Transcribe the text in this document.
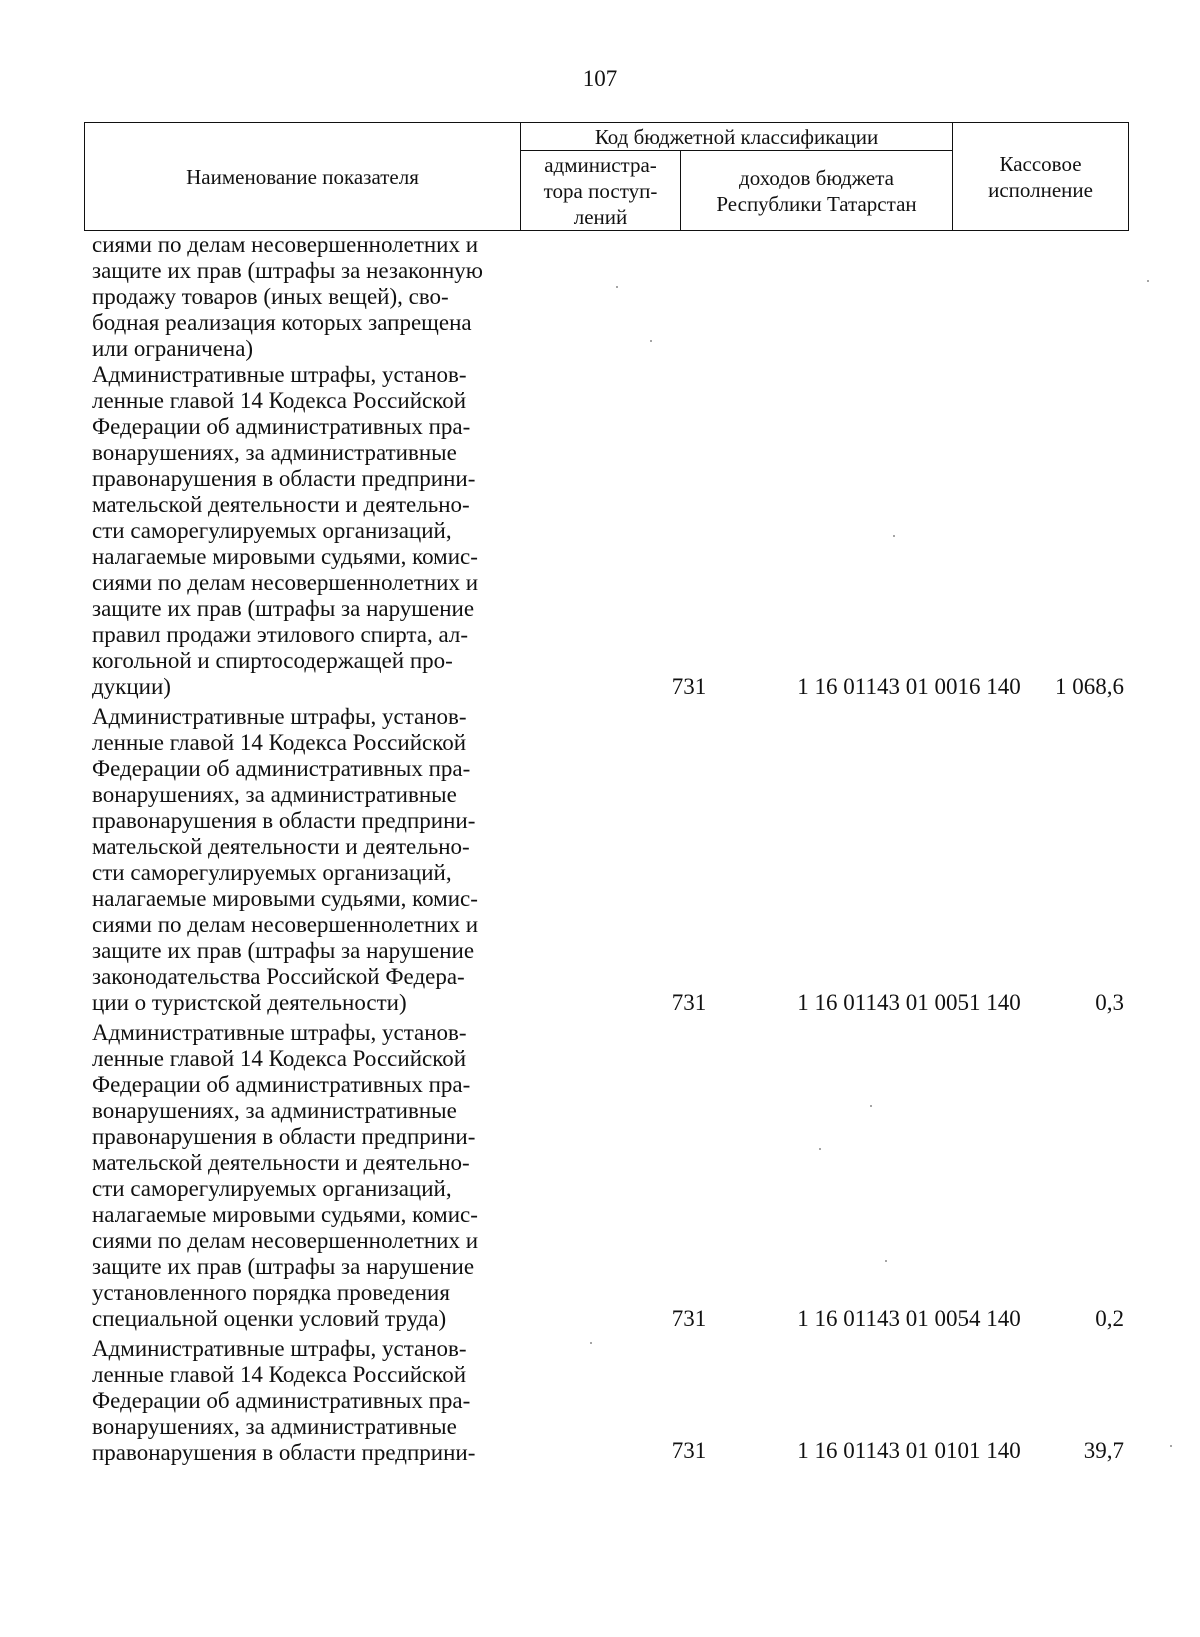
107
Наименование показателя	Код бюджетной классификации		Кассовое
исполнение
	администра-
тора поступ-
лений	доходов бюджета
Республики Татарстан	
сиями по делам несовершеннолетних и
защите их прав (штрафы за незаконную
продажу товаров (иных вещей), сво-
бодная реализация которых запрещена
или ограничена)
Административные штрафы, установ-
ленные главой 14 Кодекса Российской
Федерации об административных пра-
вонарушениях, за административные
правонарушения в области предприни-
мательской деятельности и деятельно-
сти саморегулируемых организаций,
налагаемые мировыми судьями, комис-
сиями по делам несовершеннолетних и
защите их прав (штрафы за нарушение
правил продажи этилового спирта, ал-
когольной и спиртосодержащей про-
дукции)	731	1 16 01143 01 0016 140	1 068,6
Административные штрафы, установ-
ленные главой 14 Кодекса Российской
Федерации об административных пра-
вонарушениях, за административные
правонарушения в области предприни-
мательской деятельности и деятельно-
сти саморегулируемых организаций,
налагаемые мировыми судьями, комис-
сиями по делам несовершеннолетних и
защите их прав (штрафы за нарушение
законодательства Российской Федера-
ции о туристской деятельности)	731	1 16 01143 01 0051 140	0,3
Административные штрафы, установ-
ленные главой 14 Кодекса Российской
Федерации об административных пра-
вонарушениях, за административные
правонарушения в области предприни-
мательской деятельности и деятельно-
сти саморегулируемых организаций,
налагаемые мировыми судьями, комис-
сиями по делам несовершеннолетних и
защите их прав (штрафы за нарушение
установленного порядка проведения
специальной оценки условий труда)	731	1 16 01143 01 0054 140	0,2
Административные штрафы, установ-
ленные главой 14 Кодекса Российской
Федерации об административных пра-
вонарушениях, за административные
правонарушения в области предприни-	731	1 16 01143 01 0101 140	39,7
